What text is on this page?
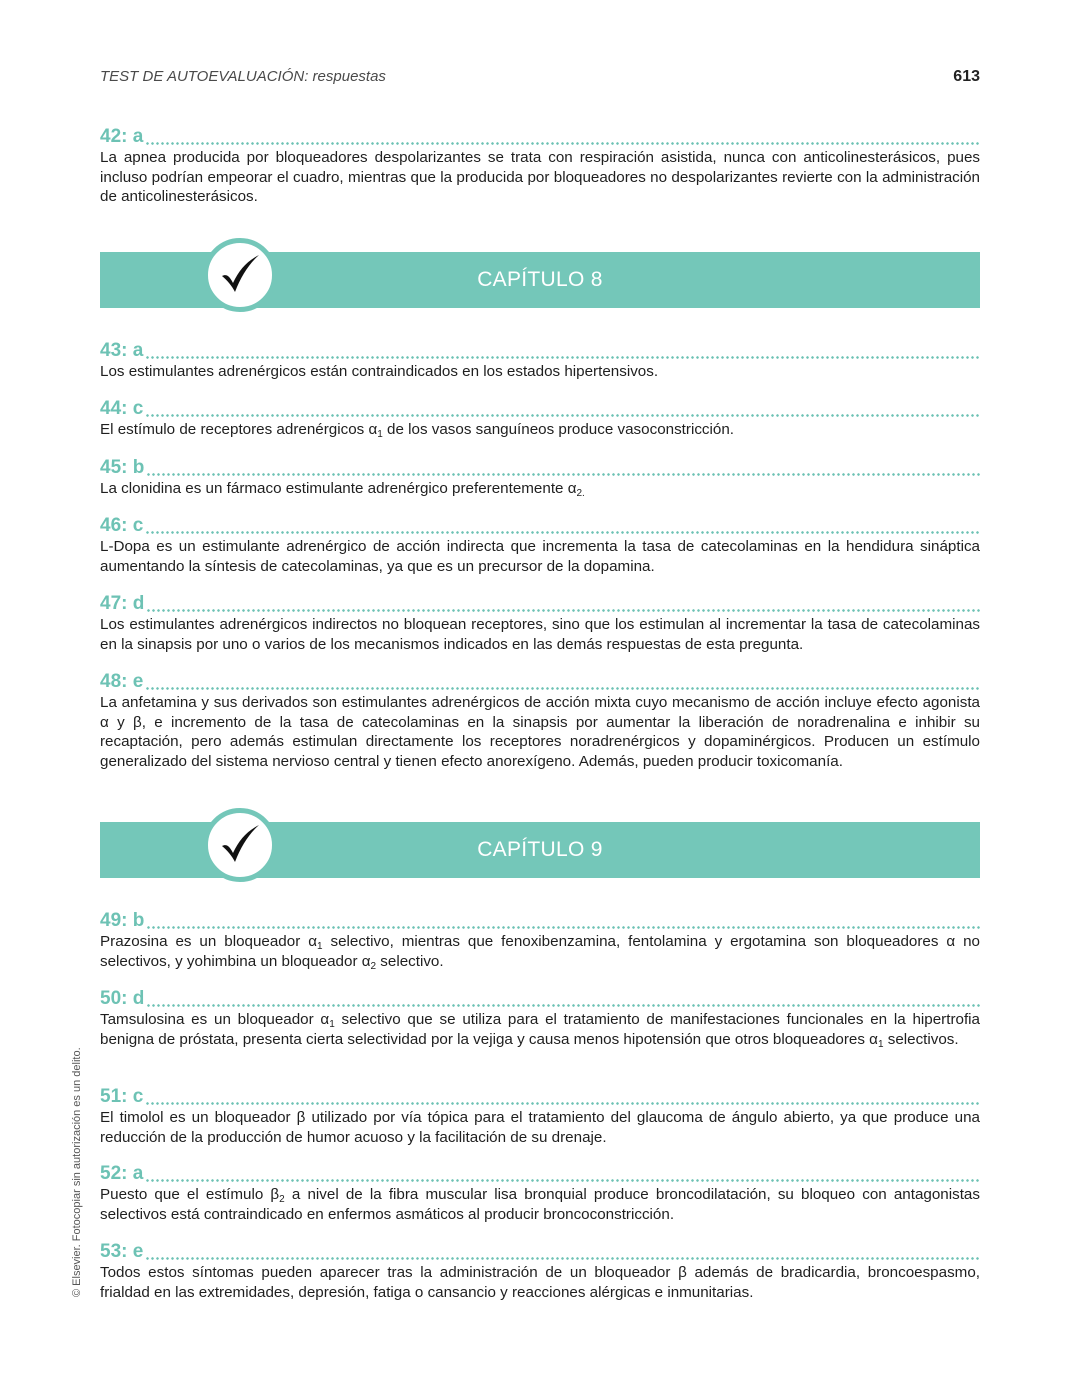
TEST DE AUTOEVALUACIÓN: respuestas	613
© Elsevier. Fotocopiar sin autorización es un delito.
42: a

La apnea producida por bloqueadores despolarizantes se trata con respiración asistida, nunca con anticolinesterásicos, pues incluso podrían empeorar el cuadro, mientras que la producida por bloqueadores no despolarizantes revierte con la administración de anticolinesterásicos.

CAPÍTULO 8
43: a

Los estimulantes adrenérgicos están contraindicados en los estados hipertensivos.

44: c

El estímulo de receptores adrenérgicos $\alpha_1$ de los vasos sanguíneos produce vasoconstricción.

45: b

La clonidina es un fármaco estimulante adrenérgico preferentemente $\alpha_{2.}$

46: c

L-Dopa es un estimulante adrenérgico de acción indirecta que incrementa la tasa de catecolaminas en la hendidura sináptica aumentando la síntesis de catecolaminas, ya que es un precursor de la dopamina.

47: d

Los estimulantes adrenérgicos indirectos no bloquean receptores, sino que los estimulan al incrementar la tasa de catecolaminas en la sinapsis por uno o varios de los mecanismos indicados en las demás respuestas de esta pregunta.

48: e

La anfetamina y sus derivados son estimulantes adrenérgicos de acción mixta cuyo mecanismo de acción incluye efecto agonista α y β, e incremento de la tasa de catecolaminas en la sinapsis por aumentar la liberación de noradrenalina e inhibir su recaptación, pero además estimulan directamente los receptores noradrenérgicos y dopaminérgicos. Producen un estímulo generalizado del sistema nervioso central y tienen efecto anorexígeno. Además, pueden producir toxicomanía.

CAPÍTULO 9
49: b

Prazosina es un bloqueador $\alpha_1$ selectivo, mientras que fenoxibenzamina, fentolamina y ergotamina son bloqueadores α no selectivos, y yohimbina un bloqueador $\alpha_2$ selectivo.

50: d

Tamsulosina es un bloqueador $\alpha_1$ selectivo que se utiliza para el tratamiento de manifestaciones funcionales en la hipertrofia benigna de próstata, presenta cierta selectividad por la vejiga y causa menos hipotensión que otros bloqueadores $\alpha_1$ selectivos.

51: c

El timolol es un bloqueador β utilizado por vía tópica para el tratamiento del glaucoma de ángulo abierto, ya que produce una reducción de la producción de humor acuoso y la facilitación de su drenaje.

52: a

Puesto que el estímulo $\beta_2$ a nivel de la fibra muscular lisa bronquial produce broncodilatación, su bloqueo con antagonistas selectivos está contraindicado en enfermos asmáticos al producir broncoconstricción.

53: e

Todos estos síntomas pueden aparecer tras la administración de un bloqueador β además de bradicardia, broncoespasmo, frialdad en las extremidades, depresión, fatiga o cansancio y reacciones alérgicas e inmunitarias.
